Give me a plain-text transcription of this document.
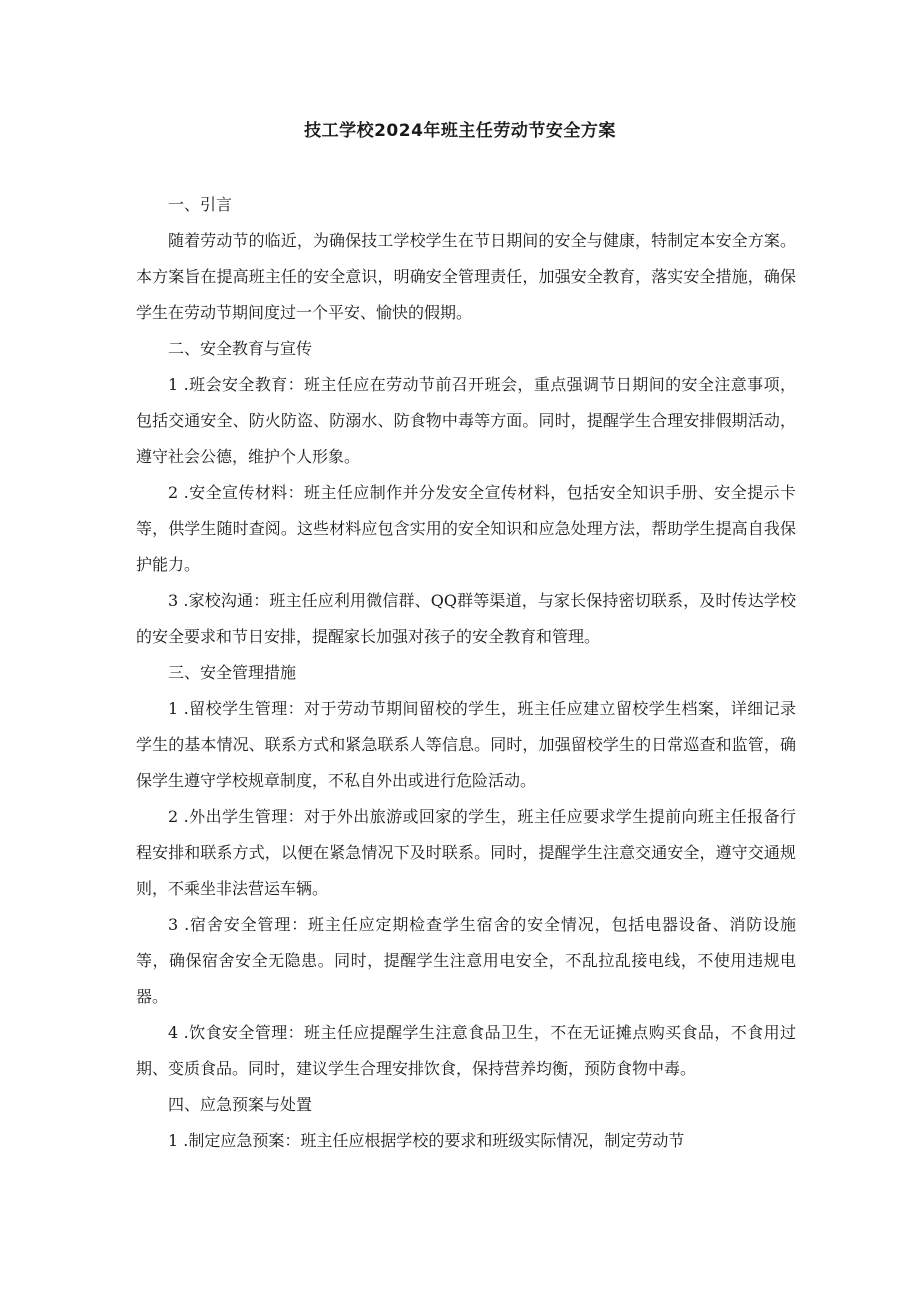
技工学校2024年班主任劳动节安全方案

一、引言

随着劳动节的临近，为确保技工学校学生在节日期间的安全与健康，特制定本安全方案。本方案旨在提高班主任的安全意识，明确安全管理责任，加强安全教育，落实安全措施，确保学生在劳动节期间度过一个平安、愉快的假期。

二、安全教育与宣传

1 .班会安全教育：班主任应在劳动节前召开班会，重点强调节日期间的安全注意事项，包括交通安全、防火防盗、防溺水、防食物中毒等方面。同时，提醒学生合理安排假期活动，遵守社会公德，维护个人形象。

2 .安全宣传材料：班主任应制作并分发安全宣传材料，包括安全知识手册、安全提示卡等，供学生随时查阅。这些材料应包含实用的安全知识和应急处理方法，帮助学生提高自我保护能力。

3 .家校沟通：班主任应利用微信群、QQ群等渠道，与家长保持密切联系，及时传达学校的安全要求和节日安排，提醒家长加强对孩子的安全教育和管理。

三、安全管理措施

1 .留校学生管理：对于劳动节期间留校的学生，班主任应建立留校学生档案，详细记录学生的基本情况、联系方式和紧急联系人等信息。同时，加强留校学生的日常巡查和监管，确保学生遵守学校规章制度，不私自外出或进行危险活动。

2 .外出学生管理：对于外出旅游或回家的学生，班主任应要求学生提前向班主任报备行程安排和联系方式，以便在紧急情况下及时联系。同时，提醒学生注意交通安全，遵守交通规则，不乘坐非法营运车辆。

3 .宿舍安全管理：班主任应定期检查学生宿舍的安全情况，包括电器设备、消防设施等，确保宿舍安全无隐患。同时，提醒学生注意用电安全，不乱拉乱接电线，不使用违规电器。

4 .饮食安全管理：班主任应提醒学生注意食品卫生，不在无证摊点购买食品，不食用过期、变质食品。同时，建议学生合理安排饮食，保持营养均衡，预防食物中毒。

四、应急预案与处置

1 .制定应急预案：班主任应根据学校的要求和班级实际情况，制定劳动节
